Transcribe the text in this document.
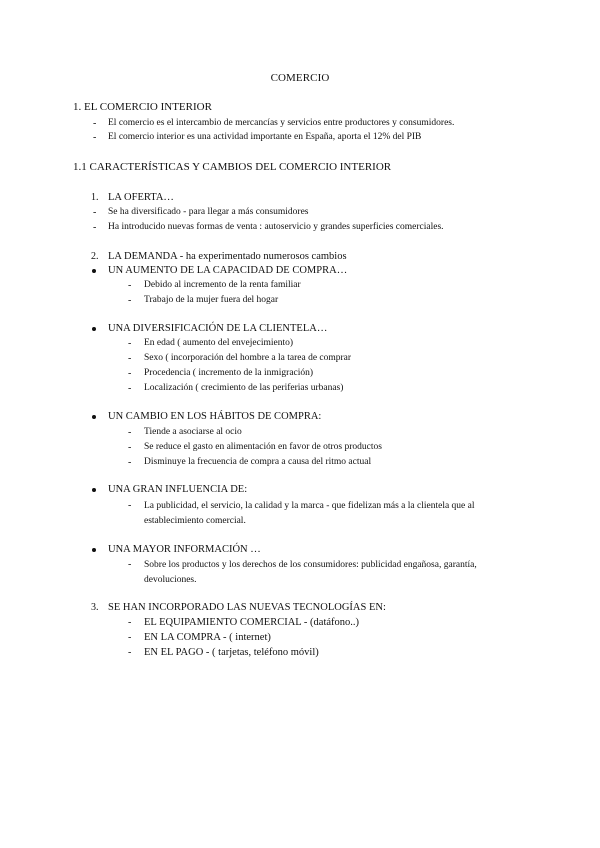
COMERCIO
1. EL COMERCIO INTERIOR
- El comercio es el intercambio de mercancías y servicios entre productores y consumidores.
- El comercio interior es una actividad importante en España, aporta el 12% del PIB
1.1 CARACTERÍSTICAS Y CAMBIOS DEL COMERCIO INTERIOR
1. LA OFERTA…
- Se ha diversificado - para llegar a más consumidores
- Ha introducido nuevas formas de venta : autoservicio y grandes superficies comerciales.
2. LA DEMANDA - ha experimentado numerosos cambios
UN AUMENTO DE LA CAPACIDAD DE COMPRA…
- Debido al incremento de la renta familiar
- Trabajo de la mujer fuera del hogar
UNA DIVERSIFICACIÓN DE LA CLIENTELA…
- En edad ( aumento del envejecimiento)
- Sexo ( incorporación del hombre a la tarea de comprar
- Procedencia ( incremento de la inmigración)
- Localización ( crecimiento de las periferias urbanas)
UN CAMBIO EN LOS HÁBITOS DE COMPRA:
- Tiende a asociarse al ocio
- Se reduce el gasto en alimentación en favor de otros productos
- Disminuye la frecuencia de compra a causa del ritmo actual
UNA GRAN INFLUENCIA DE:
- La publicidad, el servicio, la calidad y la marca - que fidelizan más a la clientela que al establecimiento comercial.
UNA MAYOR INFORMACIÓN …
- Sobre los productos y los derechos de los consumidores: publicidad engañosa, garantía, devoluciones.
3. SE HAN INCORPORADO LAS NUEVAS TECNOLOGÍAS EN:
- EL EQUIPAMIENTO COMERCIAL - (datáfono..)
- EN LA COMPRA - ( internet)
- EN EL PAGO - ( tarjetas, teléfono móvil)
